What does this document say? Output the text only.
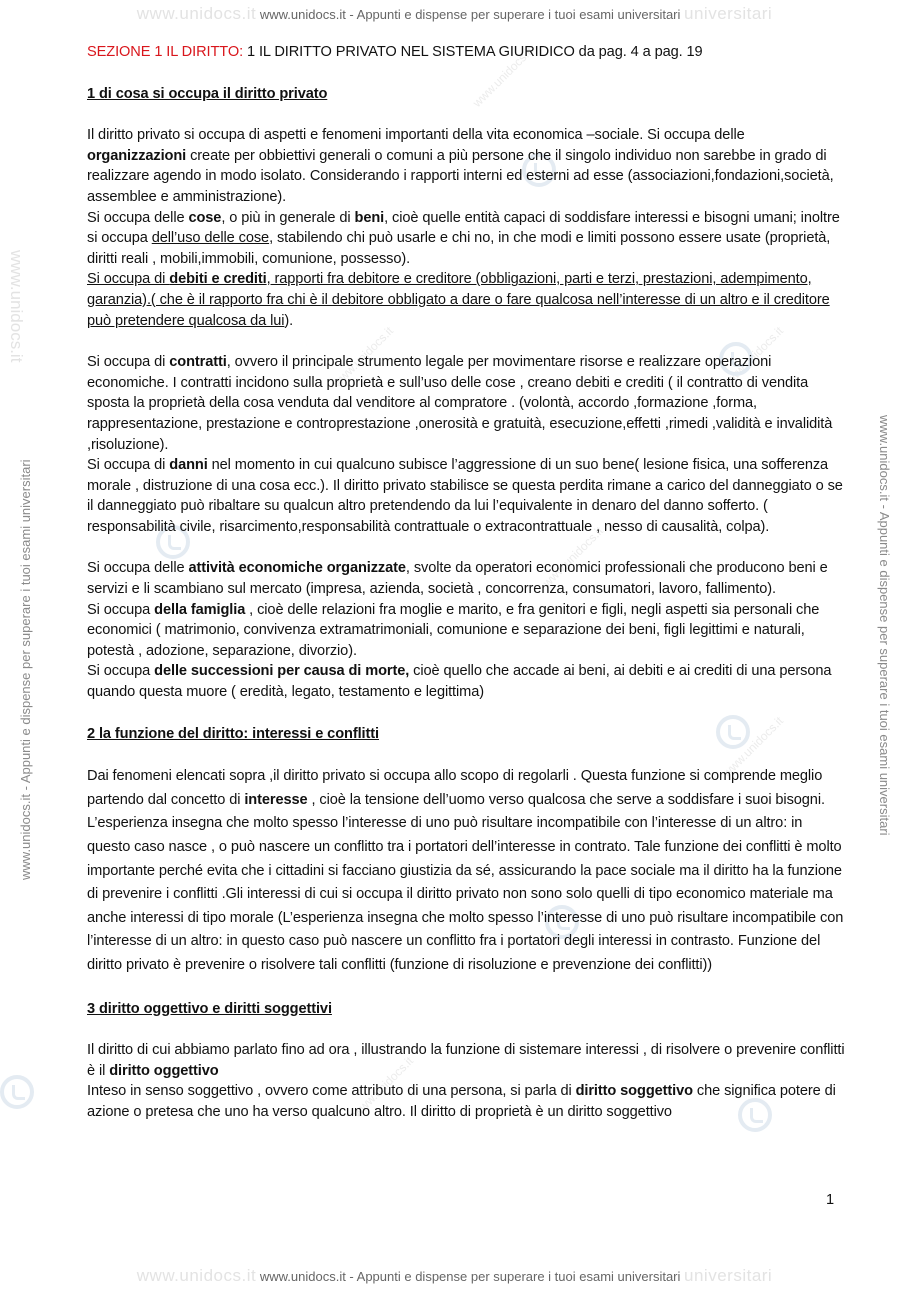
www.unidocs.it www.unidocs.it - Appunti e dispense per superare i tuoi esami universitari universitari
www.unidocs.it - Appunti e dispense per superare i tuoi esami universitari
www.unidocs.it
www.unidocs.it - Appunti e dispense per superare i tuoi esami universitari
www.unidocs.it
www.unidocs.it	www.unidocs.it
www.unidocs.it
www.unidocs.it
www.unidocs.it

SEZIONE 1 IL DIRITTO: 1 IL DIRITTO PRIVATO NEL SISTEMA GIURIDICO da pag. 4 a pag. 19

1 di cosa si occupa il diritto privato

Il diritto privato si occupa di aspetti e fenomeni importanti della vita economica –sociale. Si occupa delle organizzazioni create per obbiettivi generali o comuni a più persone che il singolo individuo non sarebbe in grado di realizzare agendo in modo isolato. Considerando i rapporti interni ed esterni ad esse (associazioni,fondazioni,società, assemblee e amministrazione).

Si occupa delle cose, o più in generale di beni, cioè quelle entità capaci di soddisfare interessi e bisogni umani; inoltre si occupa dell’uso delle cose, stabilendo chi può usarle e chi no, in che modi e limiti possono essere usate (proprietà, diritti reali , mobili,immobili, comunione, possesso).

Si occupa di debiti e crediti, rapporti fra debitore e creditore (obbligazioni, parti e terzi, prestazioni, adempimento, garanzia).( che è il rapporto fra chi è il debitore obbligato a dare o fare qualcosa nell’interesse di un altro e il creditore può pretendere qualcosa da lui).

Si occupa di contratti, ovvero il principale strumento legale per movimentare risorse e realizzare operazioni economiche. I contratti incidono sulla proprietà e sull’uso delle cose , creano debiti e crediti ( il contratto di vendita sposta la proprietà della cosa venduta dal venditore al compratore . (volontà, accordo ,formazione ,forma, rappresentazione, prestazione e controprestazione ,onerosità e gratuità, esecuzione,effetti ,rimedi ,validità e invalidità ,risoluzione).

Si occupa di danni nel momento in cui qualcuno subisce l’aggressione di un suo bene( lesione fisica, una sofferenza morale , distruzione di una cosa ecc.). Il diritto privato stabilisce se questa perdita rimane a carico del danneggiato o se il danneggiato può ribaltare su qualcun altro pretendendo da lui l’equivalente in denaro del danno sofferto. ( responsabilità civile, risarcimento,responsabilità contrattuale o extracontrattuale , nesso di causalità, colpa).

Si occupa delle attività economiche organizzate, svolte da operatori economici professionali che producono beni e servizi e li scambiano sul mercato (impresa, azienda, società , concorrenza, consumatori, lavoro, fallimento).

Si occupa della famiglia , cioè delle relazioni fra moglie e marito, e fra genitori e figli, negli aspetti sia personali che economici ( matrimonio, convivenza extramatrimoniali, comunione e separazione dei beni, figli legittimi e naturali, potestà , adozione, separazione, divorzio).

Si occupa delle successioni per causa di morte, cioè quello che accade ai beni, ai debiti e ai crediti di una persona quando questa muore ( eredità, legato, testamento e legittima)

2 la funzione del diritto: interessi e conflitti

Dai fenomeni elencati sopra ,il diritto privato si occupa allo scopo di regolarli . Questa funzione si comprende meglio partendo dal concetto di interesse , cioè la tensione dell’uomo verso qualcosa che serve a soddisfare i suoi bisogni. L’esperienza insegna che molto spesso l’interesse di uno può risultare incompatibile con l’interesse di un altro: in questo caso nasce , o può nascere un conflitto tra i portatori dell’interesse in contrato. Tale funzione dei conflitti è molto importante perché evita che i cittadini si facciano giustizia da sé, assicurando la pace sociale ma il diritto ha la funzione di prevenire i conflitti .Gli interessi di cui si occupa il diritto privato non sono solo quelli di tipo economico materiale ma anche interessi di tipo morale (L’esperienza insegna che molto spesso l’interesse di uno può risultare incompatibile con l’interesse di un altro: in questo caso può nascere un conflitto fra i portatori degli interessi in contrasto. Funzione del diritto privato è prevenire o risolvere tali conflitti (funzione di risoluzione e prevenzione dei conflitti))

3 diritto oggettivo e diritti soggettivi

Il diritto di cui abbiamo parlato fino ad ora , illustrando la funzione di sistemare interessi , di risolvere o prevenire conflitti è il diritto oggettivo

Inteso in senso soggettivo , ovvero come attributo di una persona, si parla di diritto soggettivo che significa potere di azione o pretesa che uno ha verso qualcuno altro. Il diritto di proprietà è un diritto soggettivo

1
www.unidocs.it www.unidocs.it - Appunti e dispense per superare i tuoi esami universitari universitari
